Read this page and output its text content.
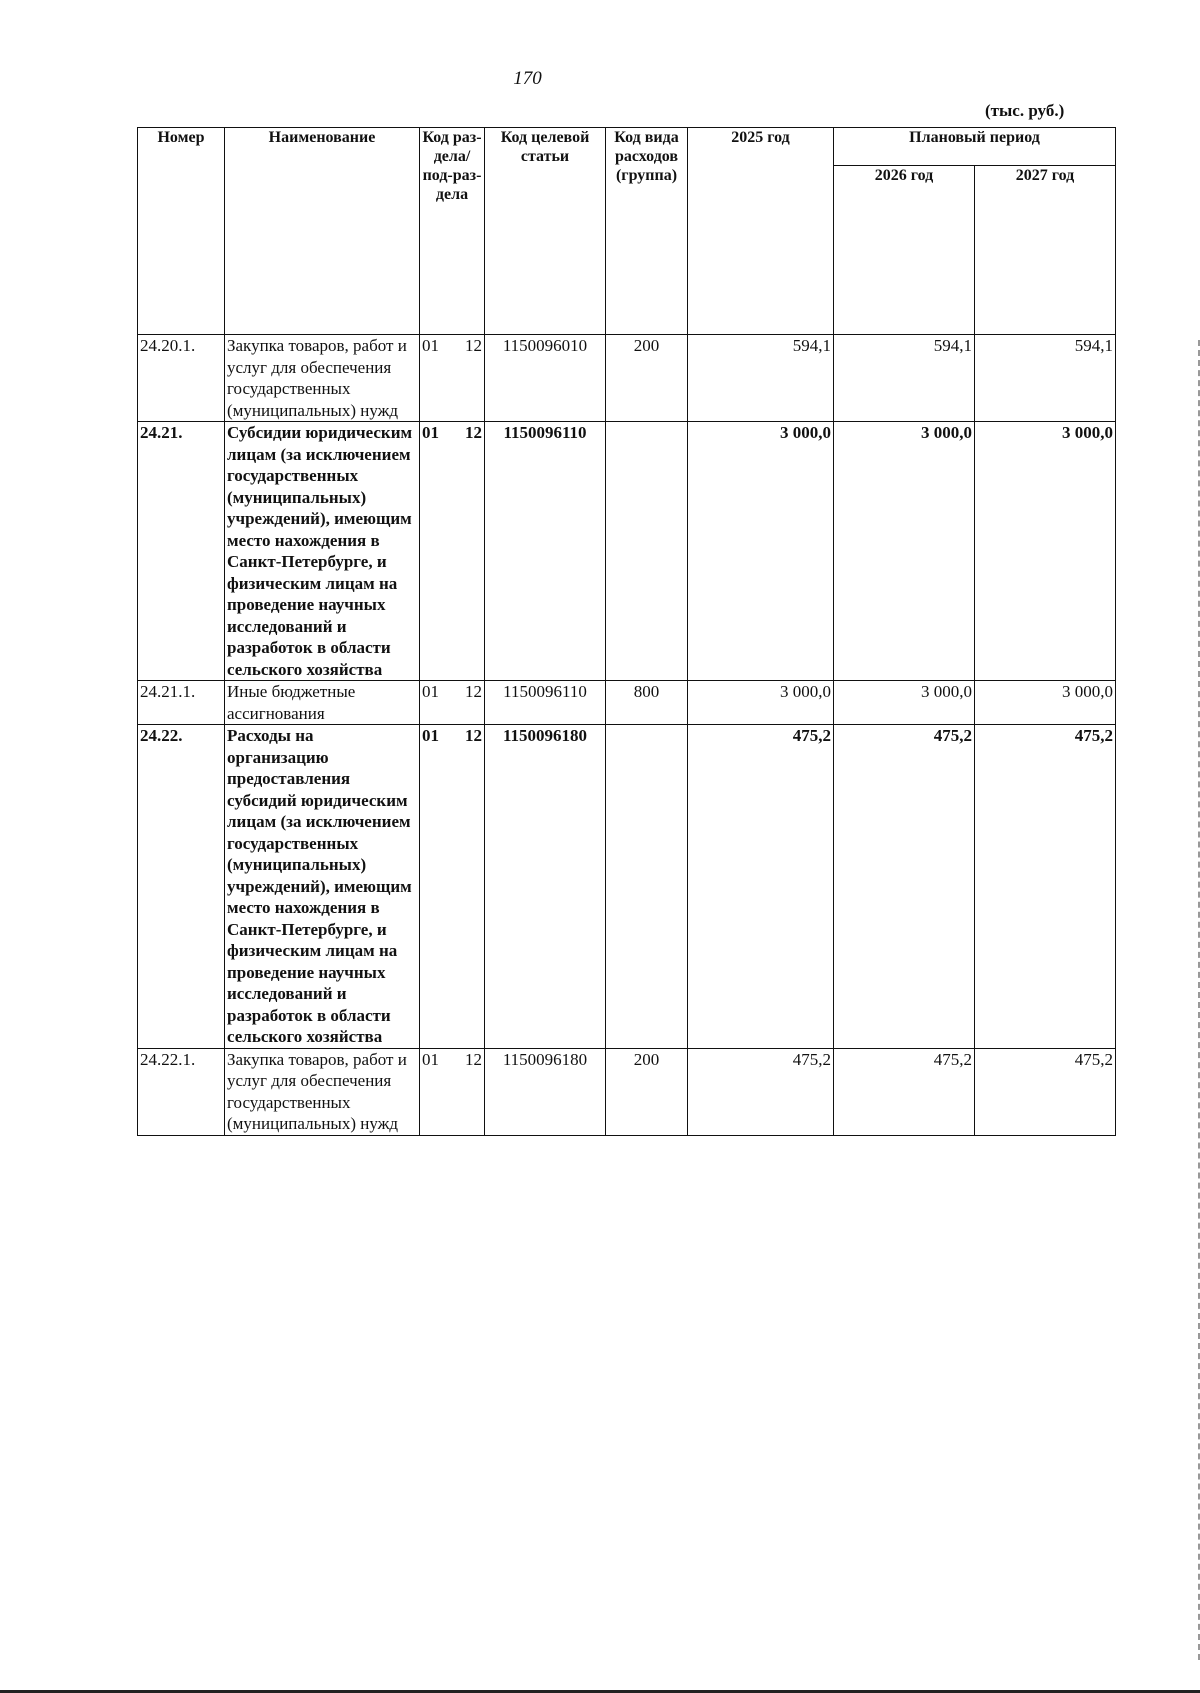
170
(тыс. руб.)
Номер	Наименование	Код раз-дела/ под-раз-дела	Код целевой статьи	Код вида расходов (группа)	2025 год	Плановый период	
						2026 год	2027 год
24.20.1.	Закупка товаров, работ и услуг для обеспечения государственных (муниципальных) нужд	01 12	1150096010	200	594,1	594,1	594,1
24.21.	Субсидии юридическим лицам (за исключением государственных (муниципальных) учреждений), имеющим место нахождения в Санкт-Петербурге, и физическим лицам на проведение научных исследований и разработок в области сельского хозяйства	01 12	1150096110		3 000,0	3 000,0	3 000,0
24.21.1.	Иные бюджетные ассигнования	01 12	1150096110	800	3 000,0	3 000,0	3 000,0
24.22.	Расходы на организацию предоставления субсидий юридическим лицам (за исключением государственных (муниципальных) учреждений), имеющим место нахождения в Санкт-Петербурге, и физическим лицам на проведение научных исследований и разработок в области сельского хозяйства	01 12	1150096180		475,2	475,2	475,2
24.22.1.	Закупка товаров, работ и услуг для обеспечения государственных (муниципальных) нужд	01 12	1150096180	200	475,2	475,2	475,2
